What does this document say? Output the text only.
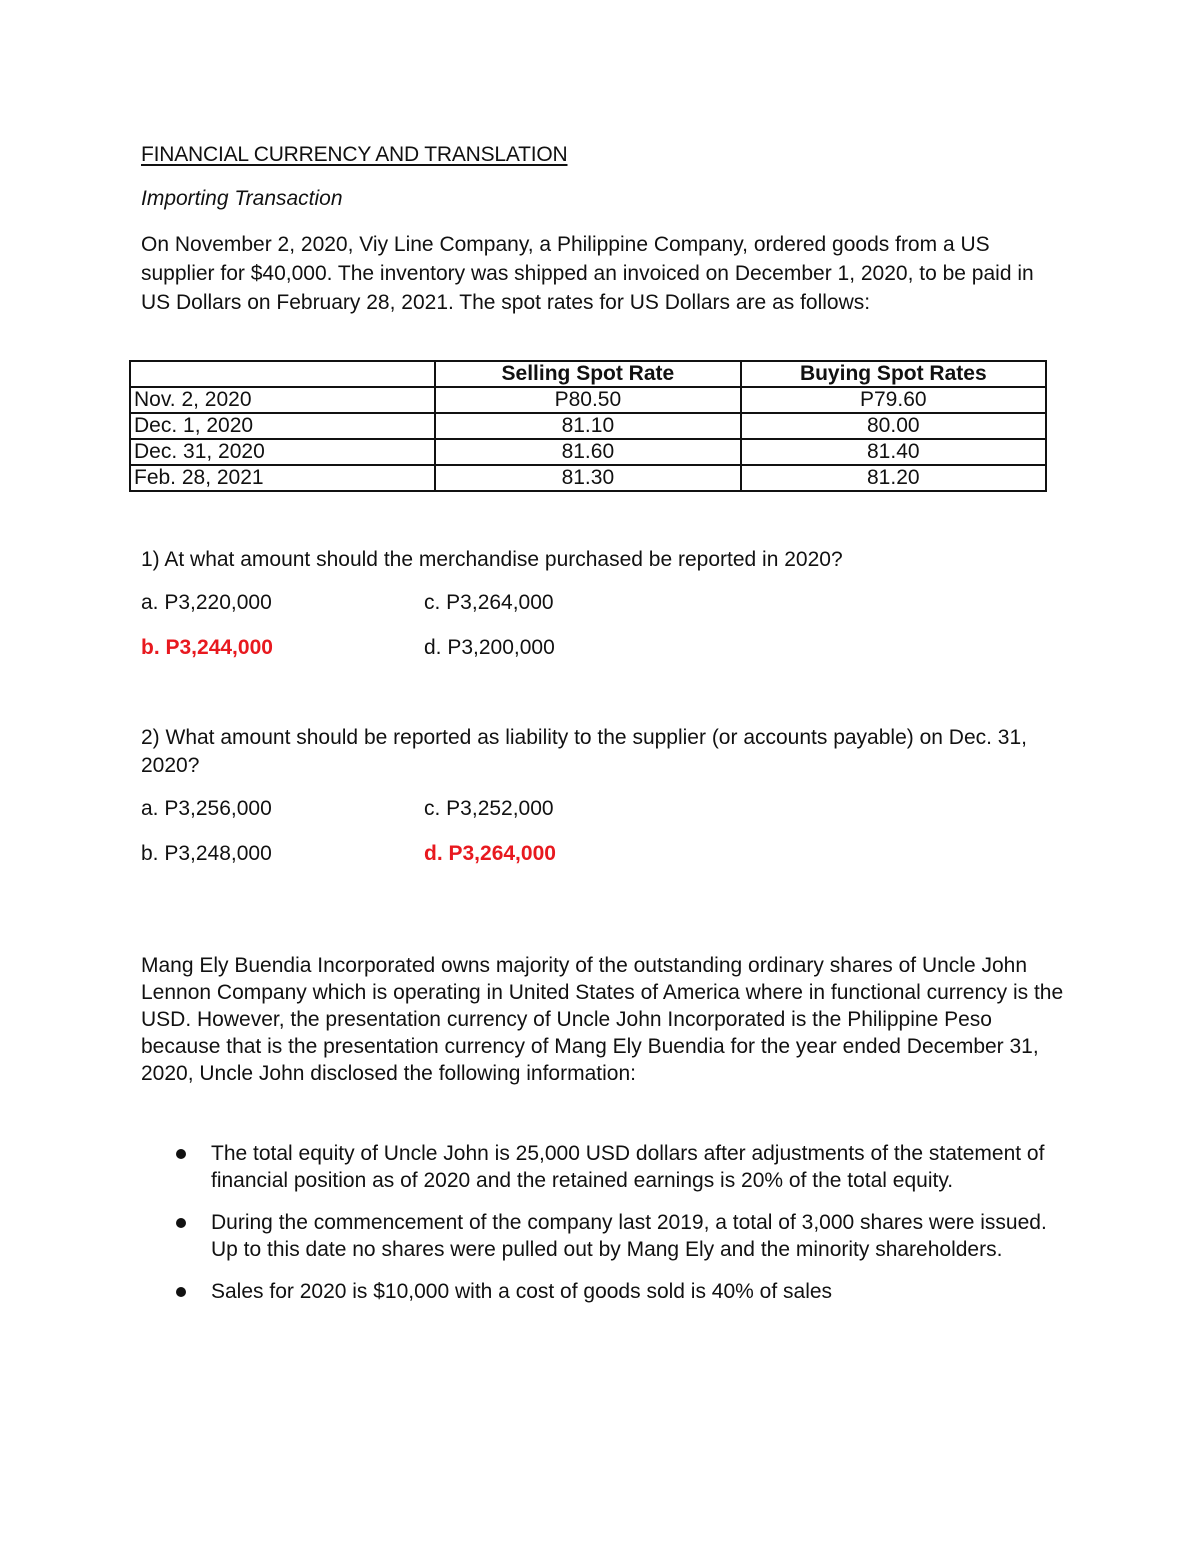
FINANCIAL CURRENCY AND TRANSLATION

Importing Transaction

On November 2, 2020, Viy Line Company, a Philippine Company, ordered goods from a US supplier for $40,000. The inventory was shipped an invoiced on December 1, 2020, to be paid in US Dollars on February 28, 2021. The spot rates for US Dollars are as follows:

	Selling Spot Rate	Buying Spot Rates
Nov. 2, 2020	P80.50	P79.60
Dec. 1, 2020	81.10	80.00
Dec. 31, 2020	81.60	81.40
Feb. 28, 2021	81.30	81.20

1) At what amount should the merchandise purchased be reported in 2020?

a. P3,220,000	c. P3,264,000

b. P3,244,000	d. P3,200,000

2) What amount should be reported as liability to the supplier (or accounts payable) on Dec. 31, 2020?

a. P3,256,000	c. P3,252,000

b. P3,248,000	d. P3,264,000

Mang Ely Buendia Incorporated owns majority of the outstanding ordinary shares of Uncle John Lennon Company which is operating in United States of America where in functional currency is the USD. However, the presentation currency of Uncle John Incorporated is the Philippine Peso because that is the presentation currency of Mang Ely Buendia for the year ended December 31, 2020, Uncle John disclosed the following information:

The total equity of Uncle John is 25,000 USD dollars after adjustments of the statement of financial position as of 2020 and the retained earnings is 20% of the total equity.
During the commencement of the company last 2019, a total of 3,000 shares were issued. Up to this date no shares were pulled out by Mang Ely and the minority shareholders.
Sales for 2020 is $10,000 with a cost of goods sold is 40% of sales
